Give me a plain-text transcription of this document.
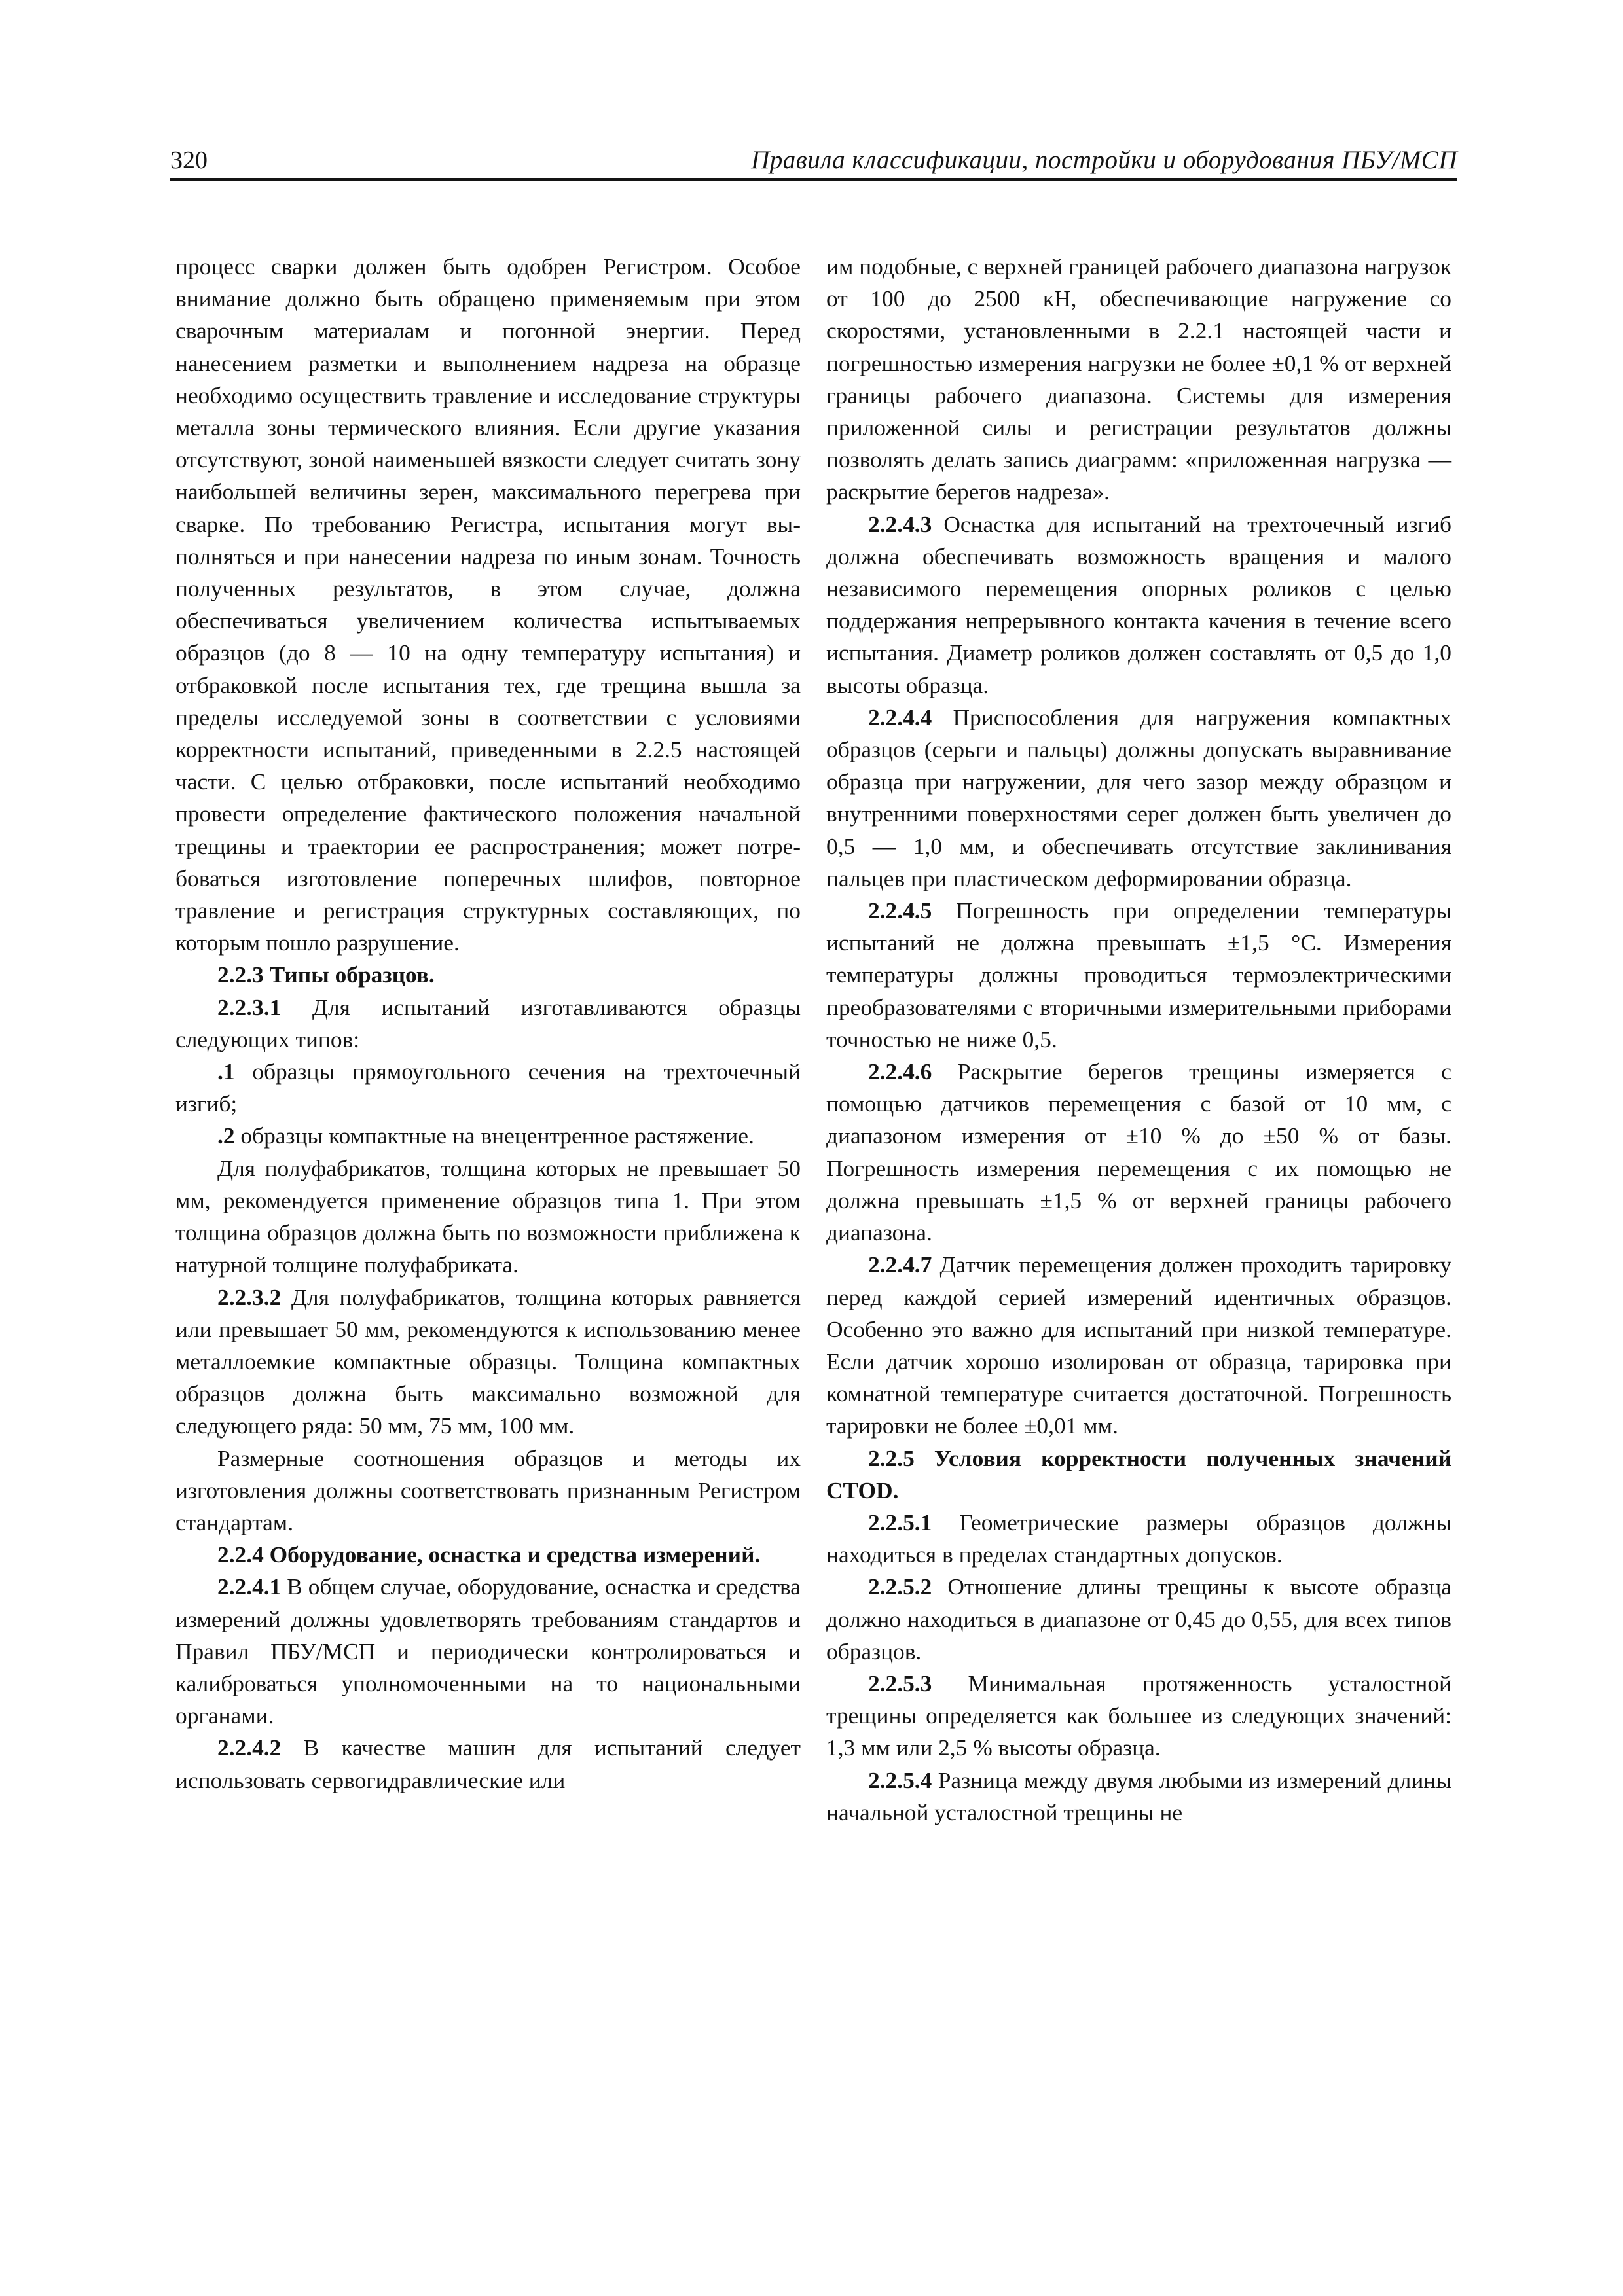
320	Правила классификации, постройки и оборудования ПБУ/МСП

процесс сварки должен быть одобрен Регистром. Особое внимание должно быть обращено применяемым при этом сварочным материалам и погонной энергии. Перед нанесением разметки и выполнением надреза на образце необходимо осуществить травление и исследование структуры металла зоны термического влияния. Если другие указания отсутствуют, зоной наименьшей вязкости следует считать зону наибольшей величины зерен, максимального перегрева при сварке. По требованию Регистра, испытания могут выполняться и при нанесении надреза по иным зонам. Точность полученных результатов, в этом случае, должна обеспечиваться увеличением количества испытываемых образцов (до 8 — 10 на одну температуру испытания) и отбраковкой после испытания тех, где трещина вышла за пределы исследуемой зоны в соответствии с условиями корректности испытаний, приведенными в 2.2.5 настоящей части. С целью отбраковки, после испытаний необходимо провести определение фактического положения начальной трещины и траектории ее распространения; может потребоваться изготовление поперечных шлифов, повторное травление и регистрация структурных составляющих, по которым пошло разрушение.

2.2.3 Типы образцов.

2.2.3.1 Для испытаний изготавливаются образцы следующих типов:

.1 образцы прямоугольного сечения на трехточечный изгиб;

.2 образцы компактные на внецентренное растяжение.

Для полуфабрикатов, толщина которых не превышает 50 мм, рекомендуется применение образцов типа 1. При этом толщина образцов должна быть по возможности приближена к натурной толщине полуфабриката.

2.2.3.2 Для полуфабрикатов, толщина которых равняется или превышает 50 мм, рекомендуются к использованию менее металлоемкие компактные образцы. Толщина компактных образцов должна быть максимально возможной для следующего ряда: 50 мм, 75 мм, 100 мм.

Размерные соотношения образцов и методы их изготовления должны соответствовать признанным Регистром стандартам.

2.2.4 Оборудование, оснастка и средства измерений.

2.2.4.1 В общем случае, оборудование, оснастка и средства измерений должны удовлетворять требованиям стандартов и Правил ПБУ/МСП и периодически контролироваться и калиброваться уполномоченными на то национальными органами.

2.2.4.2 В качестве машин для испытаний следует использовать сервогидравлические или

им подобные, с верхней границей рабочего диапазона нагрузок от 100 до 2500 кН, обеспечивающие нагружение со скоростями, установленными в 2.2.1 настоящей части и погрешностью измерения нагрузки не более ±0,1 % от верхней границы рабочего диапазона. Системы для измерения приложенной силы и регистрации результатов должны позволять делать запись диаграмм: «приложенная нагрузка — раскрытие берегов надреза».

2.2.4.3 Оснастка для испытаний на трехточечный изгиб должна обеспечивать возможность вращения и малого независимого перемещения опорных роликов с целью поддержания непрерывного контакта качения в течение всего испытания. Диаметр роликов должен составлять от 0,5 до 1,0 высоты образца.

2.2.4.4 Приспособления для нагружения компактных образцов (серьги и пальцы) должны допускать выравнивание образца при нагружении, для чего зазор между образцом и внутренними поверхностями серег должен быть увеличен до 0,5 — 1,0 мм, и обеспечивать отсутствие заклинивания пальцев при пластическом деформировании образца.

2.2.4.5 Погрешность при определении температуры испытаний не должна превышать ±1,5 °С. Измерения температуры должны проводиться термоэлектрическими преобразователями с вторичными измерительными приборами точностью не ниже 0,5.

2.2.4.6 Раскрытие берегов трещины измеряется с помощью датчиков перемещения с базой от 10 мм, с диапазоном измерения от ±10 % до ±50 % от базы. Погрешность измерения перемещения с их помощью не должна превышать ±1,5 % от верхней границы рабочего диапазона.

2.2.4.7 Датчик перемещения должен проходить тарировку перед каждой серией измерений идентичных образцов. Особенно это важно для испытаний при низкой температуре. Если датчик хорошо изолирован от образца, тарировка при комнатной температуре считается достаточной. Погрешность тарировки не более ±0,01 мм.

2.2.5 Условия корректности полученных значений CTOD.

2.2.5.1 Геометрические размеры образцов должны находиться в пределах стандартных допусков.

2.2.5.2 Отношение длины трещины к высоте образца должно находиться в диапазоне от 0,45 до 0,55, для всех типов образцов.

2.2.5.3 Минимальная протяженность усталостной трещины определяется как большее из следующих значений: 1,3 мм или 2,5 % высоты образца.

2.2.5.4 Разница между двумя любыми из измерений длины начальной усталостной трещины не
